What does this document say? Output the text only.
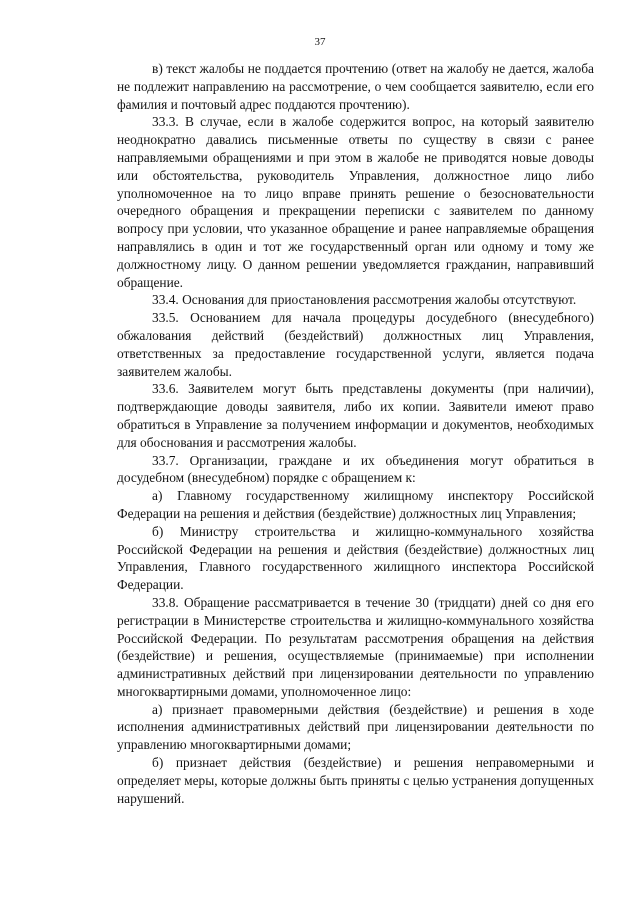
37

в) текст жалобы не поддается прочтению (ответ на жалобу не дается, жалоба не подлежит направлению на рассмотрение, о чем сообщается заявителю, если его фамилия и почтовый адрес поддаются прочтению).

33.3. В случае, если в жалобе содержится вопрос, на который заявителю неоднократно давались письменные ответы по существу в связи с ранее направляемыми обращениями и при этом в жалобе не приводятся новые доводы или обстоятельства, руководитель Управления, должностное лицо либо уполномоченное на то лицо вправе принять решение о безосновательности очередного обращения и прекращении переписки с заявителем по данному вопросу при условии, что указанное обращение и ранее направляемые обращения направлялись в один и тот же государственный орган или одному и тому же должностному лицу. О данном решении уведомляется гражданин, направивший обращение.

33.4. Основания для приостановления рассмотрения жалобы отсутствуют.

33.5. Основанием для начала процедуры досудебного (внесудебного) обжалования действий (бездействий) должностных лиц Управления, ответственных за предоставление государственной услуги, является подача заявителем жалобы.

33.6. Заявителем могут быть представлены документы (при наличии), подтверждающие доводы заявителя, либо их копии. Заявители имеют право обратиться в Управление за получением информации и документов, необходимых для обоснования и рассмотрения жалобы.

33.7. Организации, граждане и их объединения могут обратиться в досудебном (внесудебном) порядке с обращением к:

а) Главному государственному жилищному инспектору Российской Федерации на решения и действия (бездействие) должностных лиц Управления;

б) Министру строительства и жилищно-коммунального хозяйства Российской Федерации на решения и действия (бездействие) должностных лиц Управления, Главного государственного жилищного инспектора Российской Федерации.

33.8. Обращение рассматривается в течение 30 (тридцати) дней со дня его регистрации в Министерстве строительства и жилищно-коммунального хозяйства Российской Федерации. По результатам рассмотрения обращения на действия (бездействие) и решения, осуществляемые (принимаемые) при исполнении административных действий при лицензировании деятельности по управлению многоквартирными домами, уполномоченное лицо:

а) признает правомерными действия (бездействие) и решения в ходе исполнения административных действий при лицензировании деятельности по управлению многоквартирными домами;

б) признает действия (бездействие) и решения неправомерными и определяет меры, которые должны быть приняты с целью устранения допущенных нарушений.
